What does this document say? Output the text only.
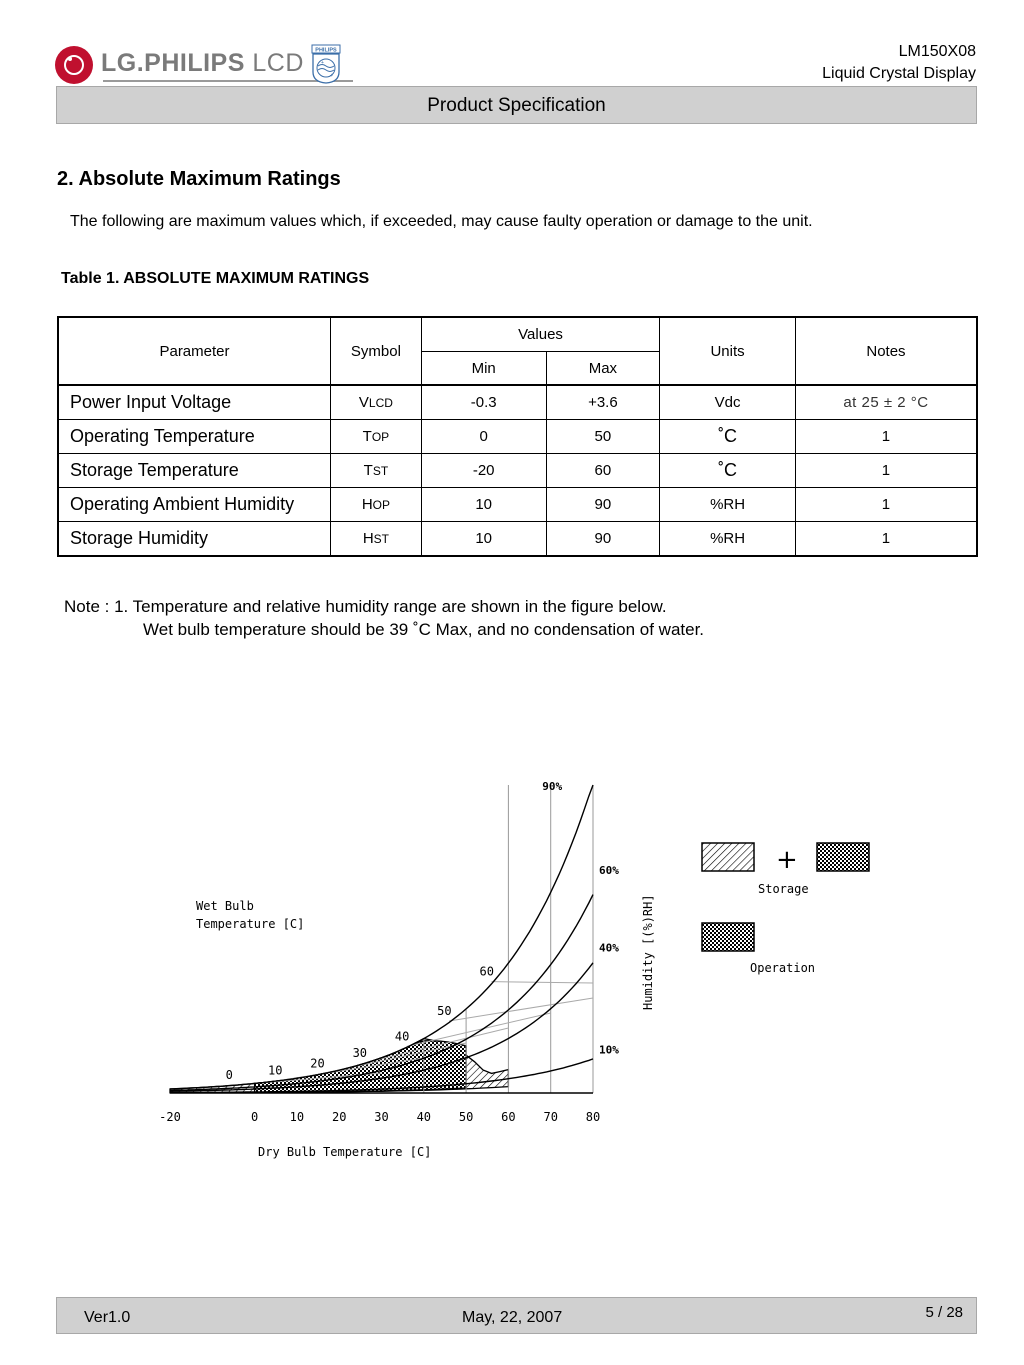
LG.PHILIPS LCD PHILIPS
+
+
LM150X08
Liquid Crystal Display
Product Specification
2. Absolute Maximum Ratings
The following are maximum values which, if exceeded, may cause faulty operation or damage to the unit.
Table 1. ABSOLUTE MAXIMUM RATINGS
Parameter	Symbol	Values		Units	Notes
		Min	Max		
Power Input Voltage	VLCD	-0.3	+3.6	Vdc	at 25 ± 2 °C
Operating Temperature	TOP	0	50	˚C	1
Storage Temperature	TST	-20	60	˚C	1
Operating Ambient Humidity	HOP	10	90	%RH	1
Storage Humidity	HST	10	90	%RH	1
Note : 1. Temperature and relative humidity range are shown in the figure below.
Wet bulb temperature should be 39 ˚C Max, and no condensation of water.
Wet Bulb
Temperature [C]	Humidity [(%)RH]
Dry Bulb Temperature [C]
+
Storage
Operation
0	10 20
30
40
50
60
90%
60%
40%
10%
-20	0	10 20 30 40 50 60 70 80
Ver1.0	May, 22, 2007	5 / 28
